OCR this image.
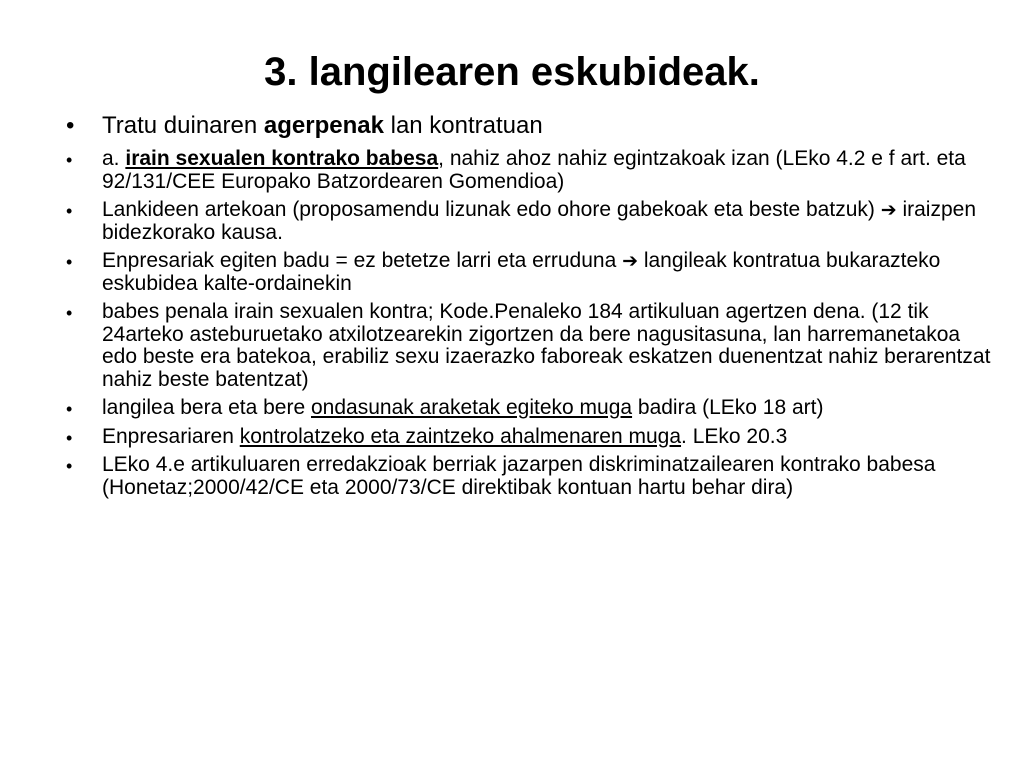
3. langilearen eskubideak.
• Tratu duinaren agerpenak lan kontratuan
• a. irain sexualen kontrako babesa, nahiz ahoz nahiz egintzakoak izan (LEko 4.2 e f art. eta 92/131/CEE Europako Batzordearen Gomendioa)
• Lankideen artekoan (proposamendu lizunak edo ohore gabekoak eta beste batzuk) ➔ iraizpen bidezkorako kausa.
• Enpresariak egiten badu = ez betetze larri eta erruduna ➔ langileak kontratua bukarazteko eskubidea kalte-ordainekin
• babes penala irain sexualen kontra; Kode.Penaleko 184 artikuluan agertzen dena. (12 tik 24arteko asteburuetako atxilotzearekin zigortzen da bere nagusitasuna, lan harremanetakoa edo beste era batekoa, erabiliz sexu izaerazko faboreak eskatzen duenentzat nahiz berarentzat nahiz beste batentzat)
• langilea bera eta bere ondasunak araketak egiteko muga badira (LEko 18 art)
• Enpresariaren kontrolatzeko eta zaintzeko ahalmenaren muga. LEko 20.3
• LEko 4.e artikuluaren erredakzioak berriak jazarpen diskriminatzailearen kontrako babesa (Honetaz;2000/42/CE eta 2000/73/CE direktibak kontuan hartu behar dira)
